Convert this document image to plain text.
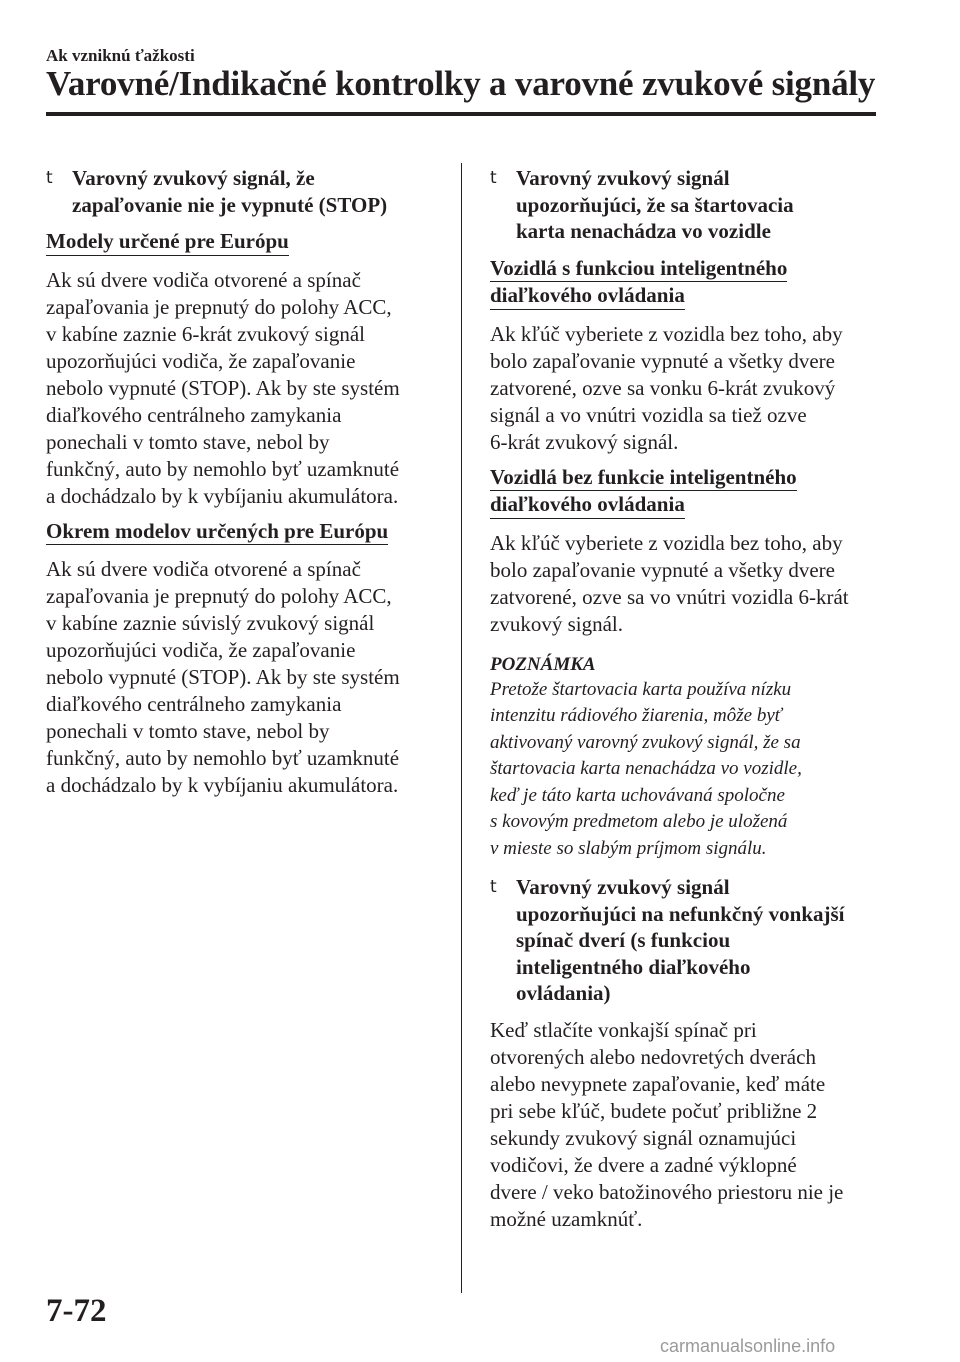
Ak vzniknú ťažkosti
Varovné/Indikačné kontrolky a varovné zvukové signály
t Varovný zvukový signál, že
zapaľovanie nie je vypnuté (STOP)
Modely určené pre Európu
Ak sú dvere vodiča otvorené a spínač
zapaľovania je prepnutý do polohy ACC,
v kabíne zaznie 6-krát zvukový signál
upozorňujúci vodiča, že zapaľovanie
nebolo vypnuté (STOP). Ak by ste systém
diaľkového centrálneho zamykania
ponechali v tomto stave, nebol by
funkčný, auto by nemohlo byť uzamknuté
a dochádzalo by k vybíjaniu akumulátora.
Okrem modelov určených pre Európu
Ak sú dvere vodiča otvorené a spínač
zapaľovania je prepnutý do polohy ACC,
v kabíne zaznie súvislý zvukový signál
upozorňujúci vodiča, že zapaľovanie
nebolo vypnuté (STOP). Ak by ste systém
diaľkového centrálneho zamykania
ponechali v tomto stave, nebol by
funkčný, auto by nemohlo byť uzamknuté
a dochádzalo by k vybíjaniu akumulátora.
t Varovný zvukový signál
upozorňujúci, že sa štartovacia
karta nenachádza vo vozidle
Vozidlá s funkciou inteligentného
diaľkového ovládania
Ak kľúč vyberiete z vozidla bez toho, aby
bolo zapaľovanie vypnuté a všetky dvere
zatvorené, ozve sa vonku 6-krát zvukový
signál a vo vnútri vozidla sa tiež ozve
6-krát zvukový signál.
Vozidlá bez funkcie inteligentného
diaľkového ovládania
Ak kľúč vyberiete z vozidla bez toho, aby
bolo zapaľovanie vypnuté a všetky dvere
zatvorené, ozve sa vo vnútri vozidla 6-krát
zvukový signál.
POZNÁMKA
Pretože štartovacia karta používa nízku
intenzitu rádiového žiarenia, môže byť
aktivovaný varovný zvukový signál, že sa
štartovacia karta nenachádza vo vozidle,
keď je táto karta uchovávaná spoločne
s kovovým predmetom alebo je uložená
v mieste so slabým príjmom signálu.
t Varovný zvukový signál
upozorňujúci na nefunkčný vonkajší
spínač dverí (s funkciou
inteligentného diaľkového
ovládania)
Keď stlačíte vonkajší spínač pri
otvorených alebo nedovretých dverách
alebo nevypnete zapaľovanie, keď máte
pri sebe kľúč, budete počuť približne 2
sekundy zvukový signál oznamujúci
vodičovi, že dvere a zadné výklopné
dvere / veko batožinového priestoru nie je
možné uzamknúť.
7-72
carmanualsonline.info
